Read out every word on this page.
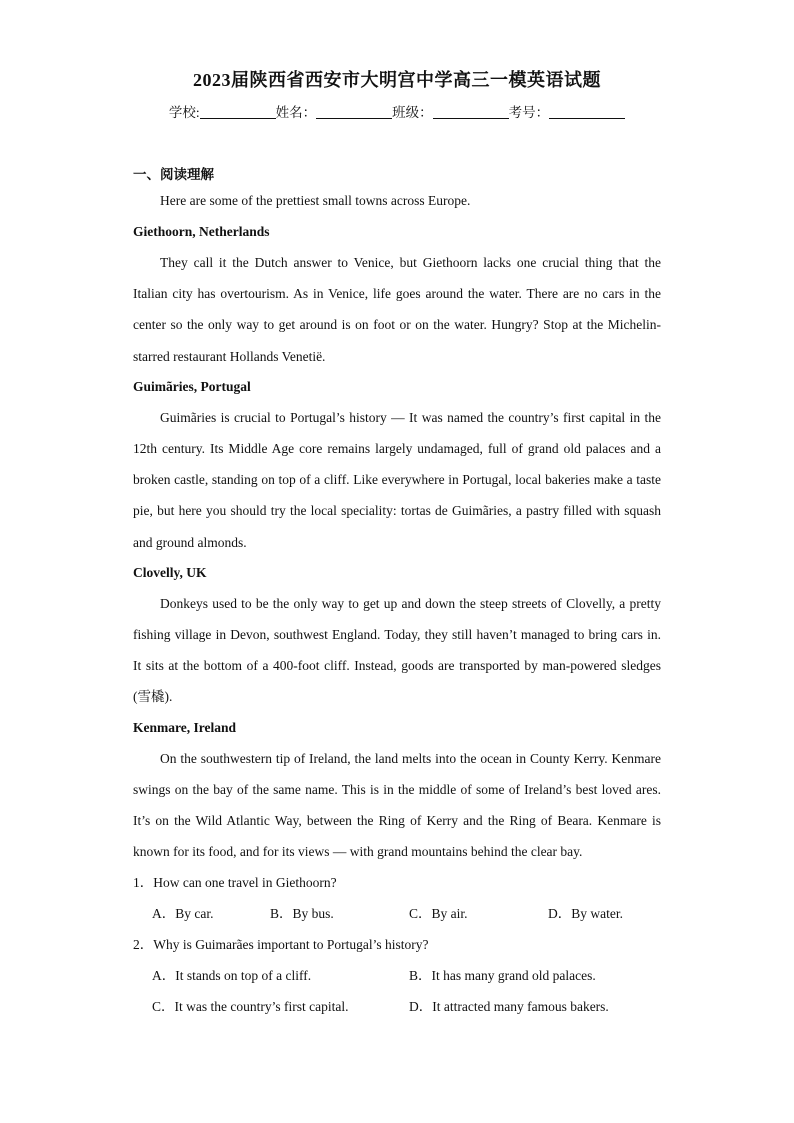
2023届陕西省西安市大明宫中学高三一模英语试题
学校:	姓名：	班级：	考号：

一、阅读理解

Here are some of the prettiest small towns across Europe.

Giethoorn, Netherlands

They call it the Dutch answer to Venice, but Giethoorn lacks one crucial thing that the Italian city has overtourism. As in Venice, life goes around the water. There are no cars in the center so the only way to get around is on foot or on the water. Hungry? Stop at the Michelin-starred restaurant Hollands Venetië.

Guimãries, Portugal

Guimãries is crucial to Portugal’s history — It was named the country’s first capital in the 12th century. Its Middle Age core remains largely undamaged, full of grand old palaces and a broken castle, standing on top of a cliff. Like everywhere in Portugal, local bakeries make a taste pie, but here you should try the local speciality: tortas de Guimãries, a pastry filled with squash and ground almonds.

Clovelly, UK

Donkeys used to be the only way to get up and down the steep streets of Clovelly, a pretty fishing village in Devon, southwest England. Today, they still haven’t managed to bring cars in. It sits at the bottom of a 400-foot cliff. Instead, goods are transported by man-powered sledges (雪橇).

Kenmare, Ireland

On the southwestern tip of Ireland, the land melts into the ocean in County Kerry. Kenmare swings on the bay of the same name. This is in the middle of some of Ireland’s best loved ares. It’s on the Wild Atlantic Way, between the Ring of Kerry and the Ring of Beara. Kenmare is known for its food, and for its views — with grand mountains behind the clear bay.

1．How can one travel in Giethoorn?

A．By car.	B．By bus.	C．By air.	D．By water.

2．Why is Guimarães important to Portugal’s history?

A．It stands on top of a cliff.	B．It has many grand old palaces.
C．It was the country’s first capital.	D．It attracted many famous bakers.
